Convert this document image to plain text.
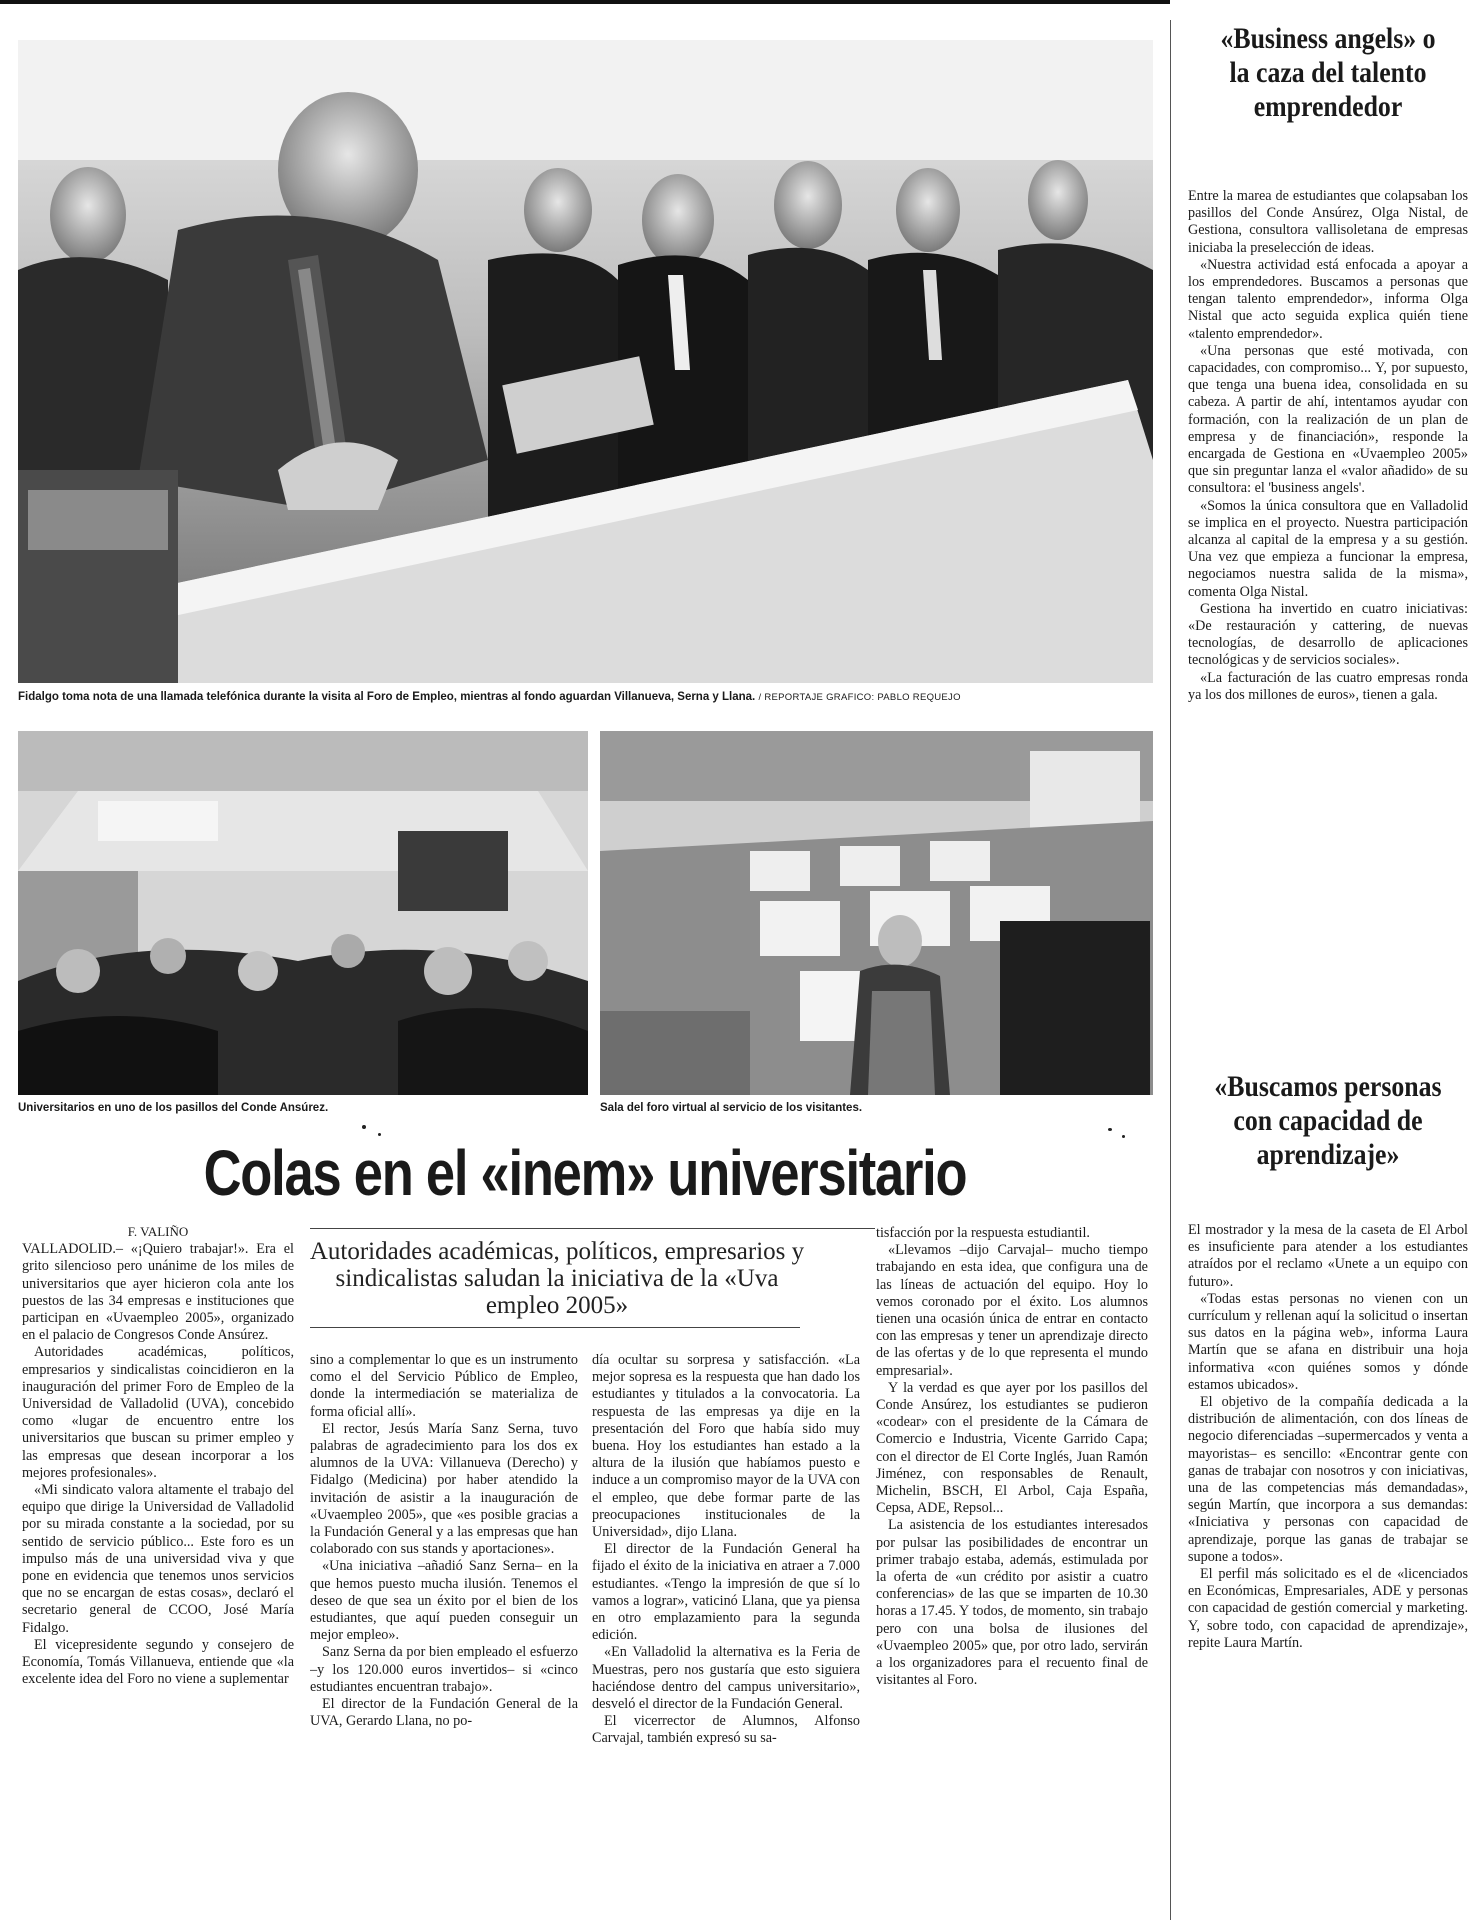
Fidalgo toma nota de una llamada telefónica durante la visita al Foro de Empleo, mientras al fondo aguardan Villanueva, Serna y Llana. / REPORTAJE GRAFICO: PABLO REQUEJO
Universitarios en uno de los pasillos del Conde Ansúrez.	Sala del foro virtual al servicio de los visitantes.
Colas en el «inem» universitario
Autoridades académicas, políticos, empresarios y sindicalistas saludan la iniciativa de la «Uva empleo 2005»
F. VALIÑO

VALLADOLID.– «¡Quiero trabajar!». Era el grito silencioso pero unánime de los miles de universitarios que ayer hicieron cola ante los puestos de las 34 empresas e instituciones que participan en «Uvaempleo 2005», organizado en el palacio de Congresos Conde Ansúrez.

Autoridades académicas, políticos, empresarios y sindicalistas coincidieron en la inauguración del primer Foro de Empleo de la Universidad de Valladolid (UVA), concebido como «lugar de encuentro entre los universitarios que buscan su primer empleo y las empresas que desean incorporar a los mejores profesionales».

«Mi sindicato valora altamente el trabajo del equipo que dirige la Universidad de Valladolid por su mirada constante a la sociedad, por su sentido de servicio público... Este foro es un impulso más de una universidad viva y que pone en evidencia que tenemos unos servicios que no se encargan de estas cosas», declaró el secretario general de CCOO, José María Fidalgo.

El vicepresidente segundo y consejero de Economía, Tomás Villanueva, entiende que «la excelente idea del Foro no viene a suplementar

sino a complementar lo que es un instrumento como el del Servicio Público de Empleo, donde la intermediación se materializa de forma oficial allí».

El rector, Jesús María Sanz Serna, tuvo palabras de agradecimiento para los dos ex alumnos de la UVA: Villanueva (Derecho) y Fidalgo (Medicina) por haber atendido la invitación de asistir a la inauguración de «Uvaempleo 2005», que «es posible gracias a la Fundación General y a las empresas que han colaborado con sus stands y aportaciones».

«Una iniciativa –añadió Sanz Serna– en la que hemos puesto mucha ilusión. Tenemos el deseo de que sea un éxito por el bien de los estudiantes, que aquí pueden conseguir un mejor empleo».

Sanz Serna da por bien empleado el esfuerzo –y los 120.000 euros invertidos– si «cinco estudiantes encuentran trabajo».

El director de la Fundación General de la UVA, Gerardo Llana, no po-

día ocultar su sorpresa y satisfacción. «La mejor sopresa es la respuesta que han dado los estudiantes y titulados a la convocatoria. La respuesta de las empresas ya dije en la presentación del Foro que había sido muy buena. Hoy los estudiantes han estado a la altura de la ilusión que habíamos puesto e induce a un compromiso mayor de la UVA con el empleo, que debe formar parte de las preocupaciones institucionales de la Universidad», dijo Llana.

El director de la Fundación General ha fijado el éxito de la iniciativa en atraer a 7.000 estudiantes. «Tengo la impresión de que sí lo vamos a lograr», vaticinó Llana, que ya piensa en otro emplazamiento para la segunda edición.

«En Valladolid la alternativa es la Feria de Muestras, pero nos gustaría que esto siguiera haciéndose dentro del campus universitario», desveló el director de la Fundación General.

El vicerrector de Alumnos, Alfonso Carvajal, también expresó su sa-

tisfacción por la respuesta estudiantil.

«Llevamos –dijo Carvajal– mucho tiempo trabajando en esta idea, que configura una de las líneas de actuación del equipo. Hoy lo vemos coronado por el éxito. Los alumnos tienen una ocasión única de entrar en contacto con las empresas y tener un aprendizaje directo de las ofertas y de lo que representa el mundo empresarial».

Y la verdad es que ayer por los pasillos del Conde Ansúrez, los estudiantes se pudieron «codear» con el presidente de la Cámara de Comercio e Industria, Vicente Garrido Capa; con el director de El Corte Inglés, Juan Ramón Jiménez, con responsables de Renault, Michelin, BSCH, El Arbol, Caja España, Cepsa, ADE, Repsol...

La asistencia de los estudiantes interesados por pulsar las posibilidades de encontrar un primer trabajo estaba, además, estimulada por la oferta de «un crédito por asistir a cuatro conferencias» de las que se imparten de 10.30 horas a 17.45. Y todos, de momento, sin trabajo pero con una bolsa de ilusiones del «Uvaempleo 2005» que, por otro lado, servirán a los organizadores para el recuento final de visitantes al Foro.

«Business angels» o la caza del talento emprendedor

Entre la marea de estudiantes que colapsaban los pasillos del Conde Ansúrez, Olga Nistal, de Gestiona, consultora vallisoletana de empresas iniciaba la preselección de ideas.

«Nuestra actividad está enfocada a apoyar a los emprendedores. Buscamos a personas que tengan talento emprendedor», informa Olga Nistal que acto seguida explica quién tiene «talento emprendedor».

«Una personas que esté motivada, con capacidades, con compromiso... Y, por supuesto, que tenga una buena idea, consolidada en su cabeza. A partir de ahí, intentamos ayudar con formación, con la realización de un plan de empresa y de financiación», responde la encargada de Gestiona en «Uvaempleo 2005» que sin preguntar lanza el «valor añadido» de su consultora: el 'business angels'.

«Somos la única consultora que en Valladolid se implica en el proyecto. Nuestra participación alcanza al capital de la empresa y a su gestión. Una vez que empieza a funcionar la empresa, negociamos nuestra salida de la misma», comenta Olga Nistal.

Gestiona ha invertido en cuatro iniciativas: «De restauración y cattering, de nuevas tecnologías, de desarrollo de aplicaciones tecnológicas y de servicios sociales».

«La facturación de las cuatro empresas ronda ya los dos millones de euros», tienen a gala.

«Buscamos personas con capacidad de aprendizaje»

El mostrador y la mesa de la caseta de El Arbol es insuficiente para atender a los estudiantes atraídos por el reclamo «Unete a un equipo con futuro».

«Todas estas personas no vienen con un currículum y rellenan aquí la solicitud o insertan sus datos en la página web», informa Laura Martín que se afana en distribuir una hoja informativa «con quiénes somos y dónde estamos ubicados».

El objetivo de la compañía dedicada a la distribución de alimentación, con dos líneas de negocio diferenciadas –supermercados y venta a mayoristas– es sencillo: «Encontrar gente con ganas de trabajar con nosotros y con iniciativas, una de las competencias más demandadas», según Martín, que incorpora a sus demandas: «Iniciativa y personas con capacidad de aprendizaje, porque las ganas de trabajar se supone a todos».

El perfil más solicitado es el de «licenciados en Económicas, Empresariales, ADE y personas con capacidad de gestión comercial y marketing. Y, sobre todo, con capacidad de aprendizaje», repite Laura Martín.
